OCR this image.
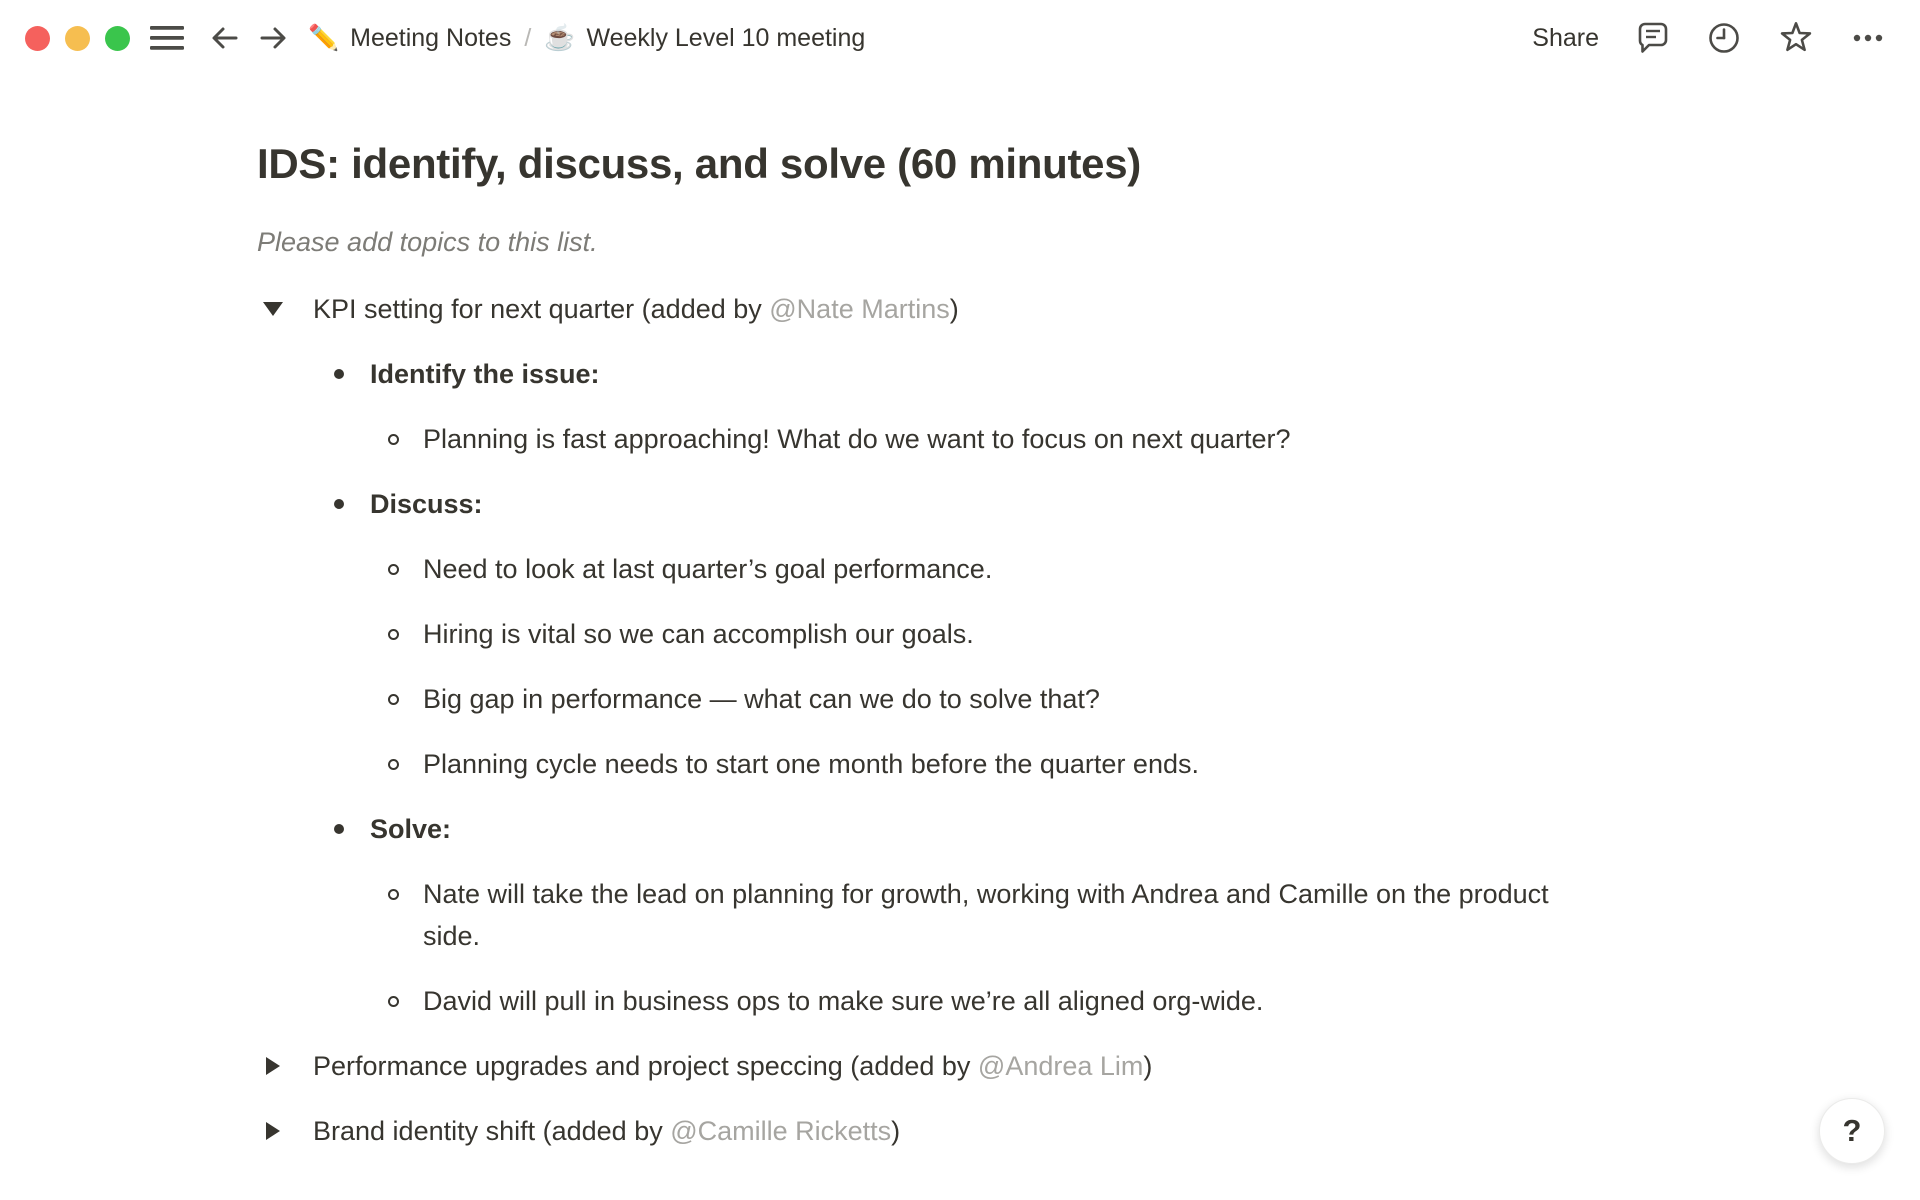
✏️ Meeting Notes / ☕ Weekly Level 10 meeting	Share
IDS: identify, discuss, and solve (60 minutes)

Please add topics to this list.

KPI setting for next quarter (added by @Nate Martins)

Identify the issue:

Planning is fast approaching! What do we want to focus on next quarter?

Discuss:

Need to look at last quarter’s goal performance.

Hiring is vital so we can accomplish our goals.

Big gap in performance — what can we do to solve that?

Planning cycle needs to start one month before the quarter ends.

Solve:

Nate will take the lead on planning for growth, working with Andrea and Camille on the product side.

David will pull in business ops to make sure we’re all aligned org-wide.

Performance upgrades and project speccing (added by @Andrea Lim)

Brand identity shift (added by @Camille Ricketts)	?
